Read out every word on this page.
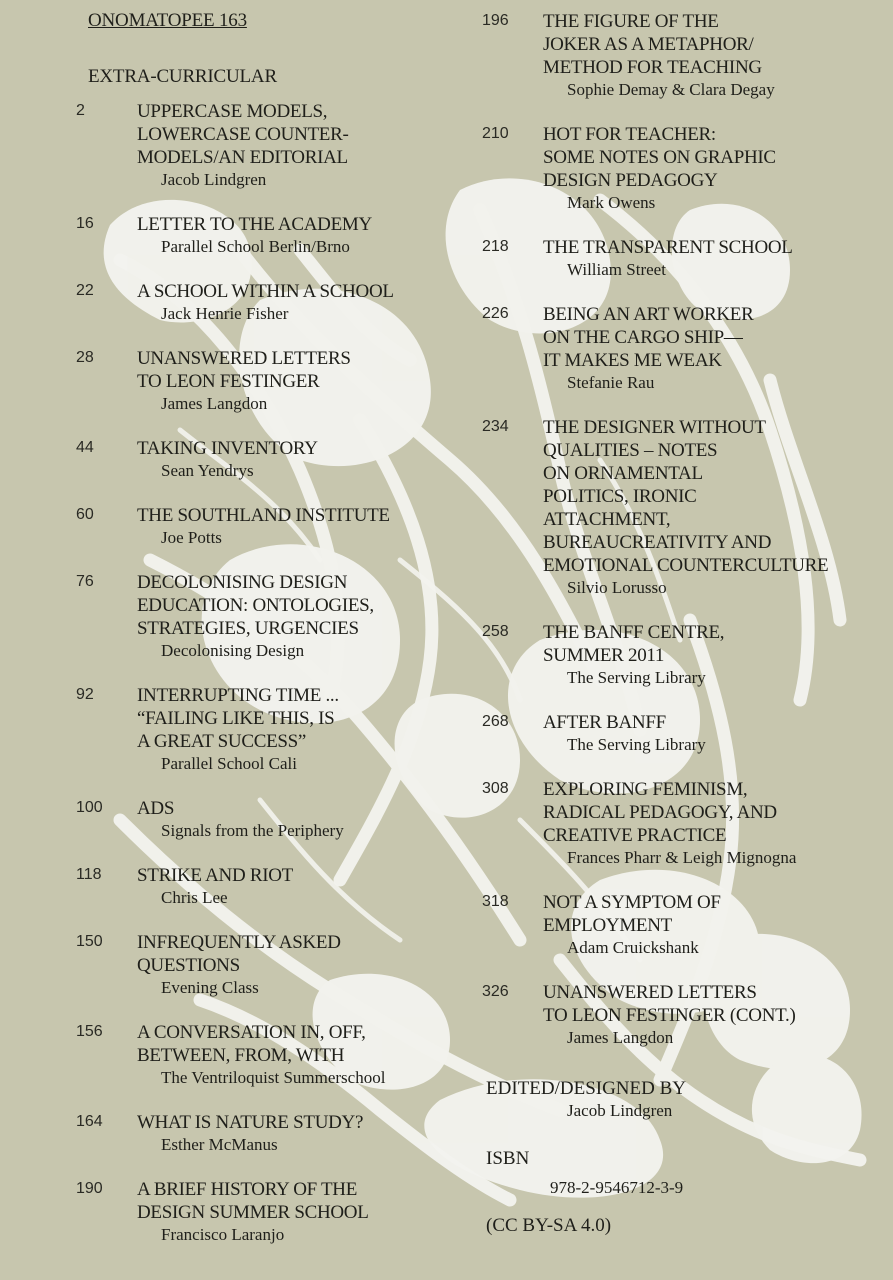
ONOMATOPEE 163
EXTRA-CURRICULAR
2	UPPERCASE MODELS,
LOWERCASE COUNTER-
MODELS/AN EDITORIAL
Jacob Lindgren
16	LETTER TO THE ACADEMY
Parallel School Berlin/Brno
22	A SCHOOL WITHIN A SCHOOL
Jack Henrie Fisher
28	UNANSWERED LETTERS
TO LEON FESTINGER
James Langdon
44	TAKING INVENTORY
Sean Yendrys
60	THE SOUTHLAND INSTITUTE
Joe Potts
76	DECOLONISING DESIGN
EDUCATION: ONTOLOGIES,
STRATEGIES, URGENCIES
Decolonising Design
92	INTERRUPTING TIME ...
“FAILING LIKE THIS, IS
A GREAT SUCCESS”
Parallel School Cali
100	ADS
Signals from the Periphery
118	STRIKE AND RIOT
Chris Lee
150	INFREQUENTLY ASKED
QUESTIONS
Evening Class
156	A CONVERSATION IN, OFF,
BETWEEN, FROM, WITH
The Ventriloquist Summerschool
164	WHAT IS NATURE STUDY?
Esther McManus
190	A BRIEF HISTORY OF THE
DESIGN SUMMER SCHOOL
Francisco Laranjo
196	THE FIGURE OF THE
JOKER AS A METAPHOR/
METHOD FOR TEACHING
Sophie Demay & Clara Degay
210	HOT FOR TEACHER:
SOME NOTES ON GRAPHIC
DESIGN PEDAGOGY
Mark Owens
218	THE TRANSPARENT SCHOOL
William Street
226	BEING AN ART WORKER
ON THE CARGO SHIP—
IT MAKES ME WEAK
Stefanie Rau
234	THE DESIGNER WITHOUT
QUALITIES – NOTES
ON ORNAMENTAL
POLITICS, IRONIC
ATTACHMENT,
BUREAUCREATIVITY AND
EMOTIONAL COUNTERCULTURE
Silvio Lorusso
258	THE BANFF CENTRE,
SUMMER 2011
The Serving Library
268	AFTER BANFF
The Serving Library
308	EXPLORING FEMINISM,
RADICAL PEDAGOGY, AND
CREATIVE PRACTICE
Frances Pharr & Leigh Mignogna
318	NOT A SYMPTOM OF
EMPLOYMENT
Adam Cruickshank
326	UNANSWERED LETTERS
TO LEON FESTINGER (CONT.)
James Langdon
EDITED/DESIGNED BY
Jacob Lindgren
ISBN
978-2-9546712-3-9
(CC BY-SA 4.0)
